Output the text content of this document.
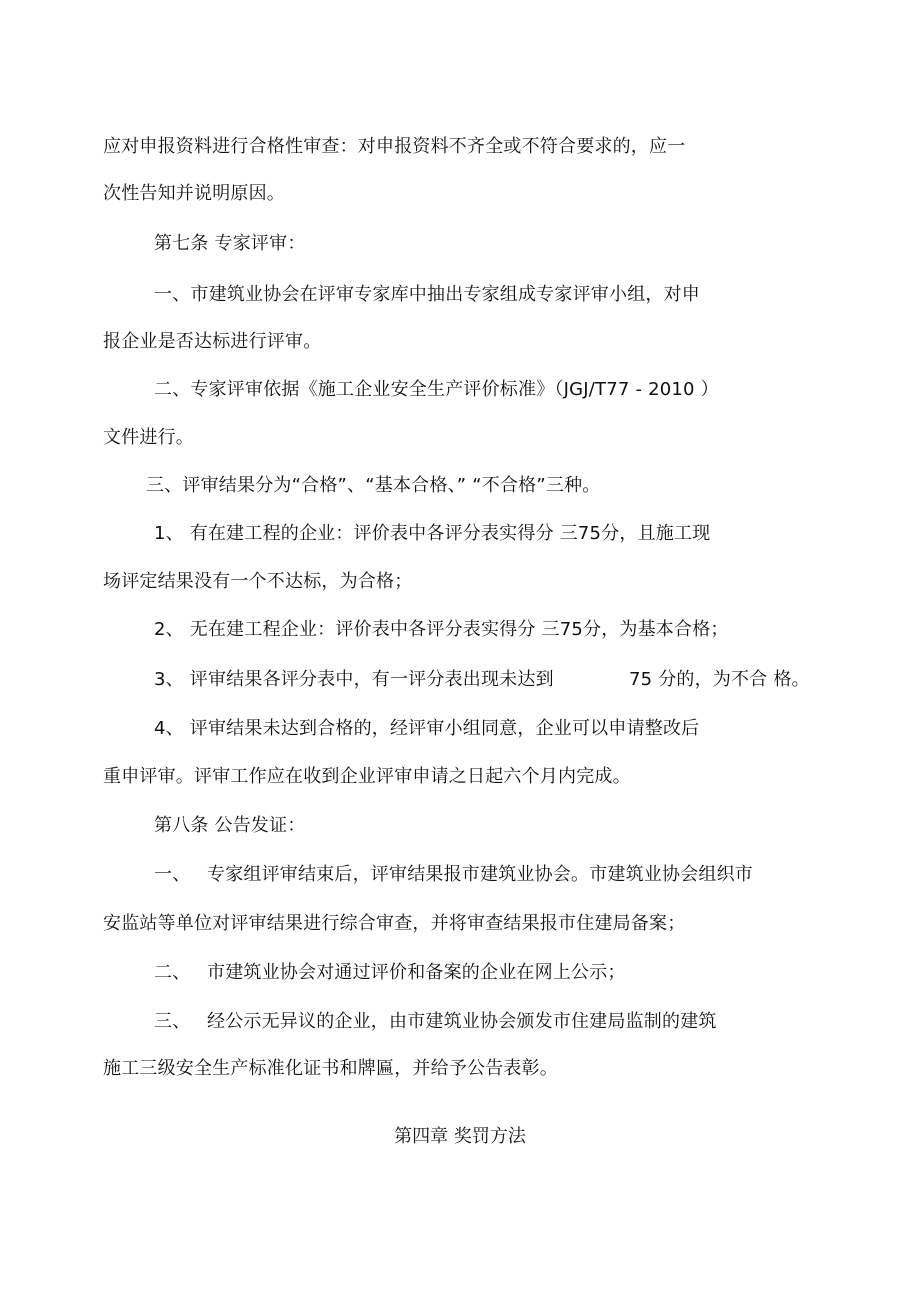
应对申报资料进行合格性审查：对申报资料不齐全或不符合要求的，应一
次性告知并说明原因。
第七条 专家评审：
一、市建筑业协会在评审专家库中抽出专家组成专家评审小组，对申
报企业是否达标进行评审。
二、专家评审依据《施工企业安全生产评价标准》（JGJ/T77 - 2010 ）
文件进行。
三、评审结果分为“合格”、“基本合格、” “不合格”三种。
1、 有在建工程的企业：评价表中各评分表实得分 三75分，且施工现
场评定结果没有一个不达标，为合格；
2、 无在建工程企业：评价表中各评分表实得分 三75分，为基本合格；
3、 评审结果各评分表中，有一评分表出现未达到	75 分的，为不合 格。
4、 评审结果未达到合格的，经评审小组同意，企业可以申请整改后
重申评审。评审工作应在收到企业评审申请之日起六个月内完成。
第八条 公告发证：
一、 专家组评审结束后，评审结果报市建筑业协会。市建筑业协会组织市
安监站等单位对评审结果进行综合审查，并将审查结果报市住建局备案；
二、 市建筑业协会对通过评价和备案的企业在网上公示；
三、 经公示无异议的企业，由市建筑业协会颁发市住建局监制的建筑
施工三级安全生产标准化证书和牌匾，并给予公告表彰。
第四章 奖罚方法
